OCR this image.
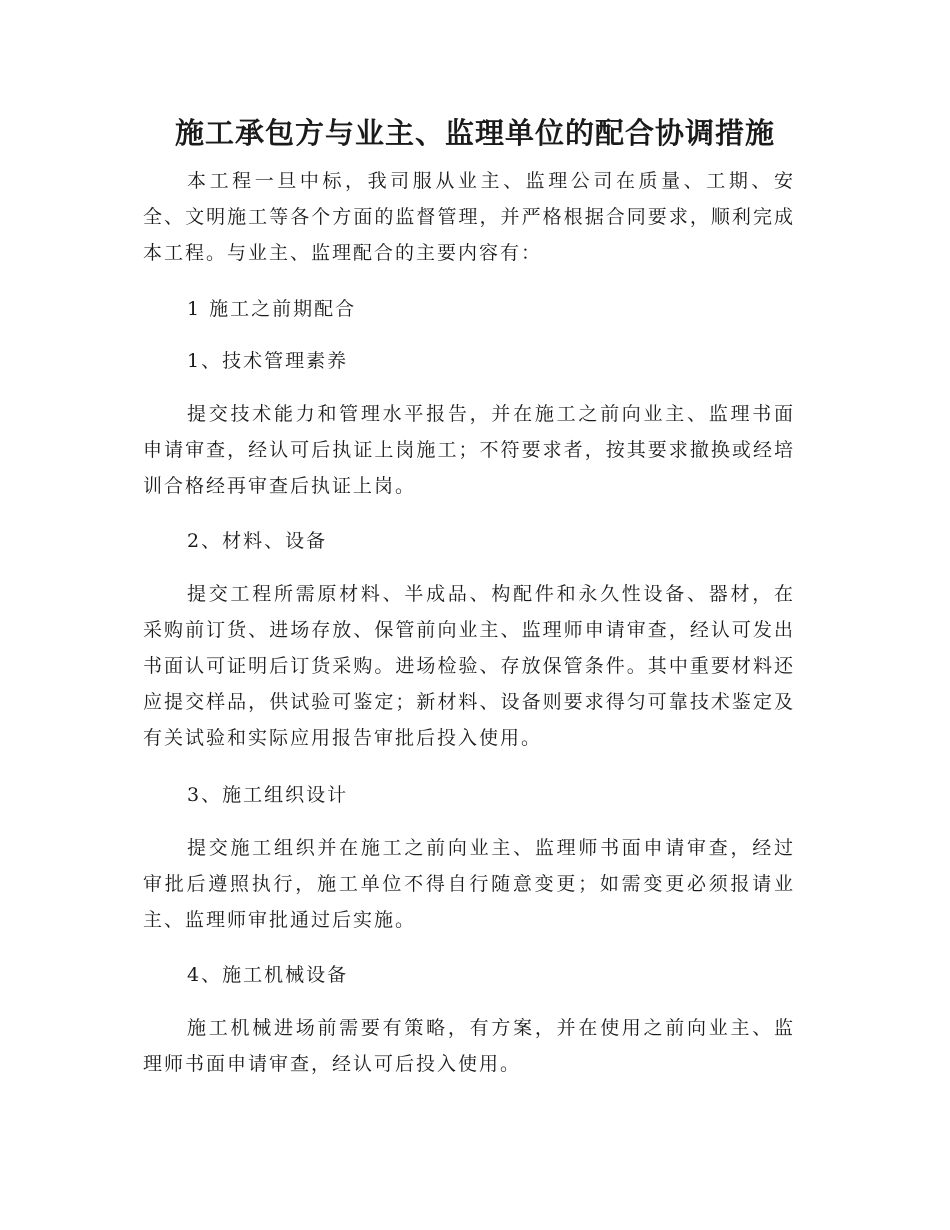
施工承包方与业主、监理单位的配合协调措施

本工程一旦中标，我司服从业主、监理公司在质量、工期、安全、文明施工等各个方面的监督管理，并严格根据合同要求，顺利完成本工程。与业主、监理配合的主要内容有：

1 施工之前期配合

1、技术管理素养

提交技术能力和管理水平报告，并在施工之前向业主、监理书面申请审查，经认可后执证上岗施工；不符要求者，按其要求撤换或经培训合格经再审查后执证上岗。

2、材料、设备

提交工程所需原材料、半成品、构配件和永久性设备、器材，在采购前订货、进场存放、保管前向业主、监理师申请审查，经认可发出书面认可证明后订货采购。进场检验、存放保管条件。其中重要材料还应提交样品，供试验可鉴定；新材料、设备则要求得匀可靠技术鉴定及有关试验和实际应用报告审批后投入使用。

3、施工组织设计

提交施工组织并在施工之前向业主、监理师书面申请审查，经过审批后遵照执行，施工单位不得自行随意变更；如需变更必须报请业主、监理师审批通过后实施。

4、施工机械设备

施工机械进场前需要有策略，有方案，并在使用之前向业主、监理师书面申请审查，经认可后投入使用。
